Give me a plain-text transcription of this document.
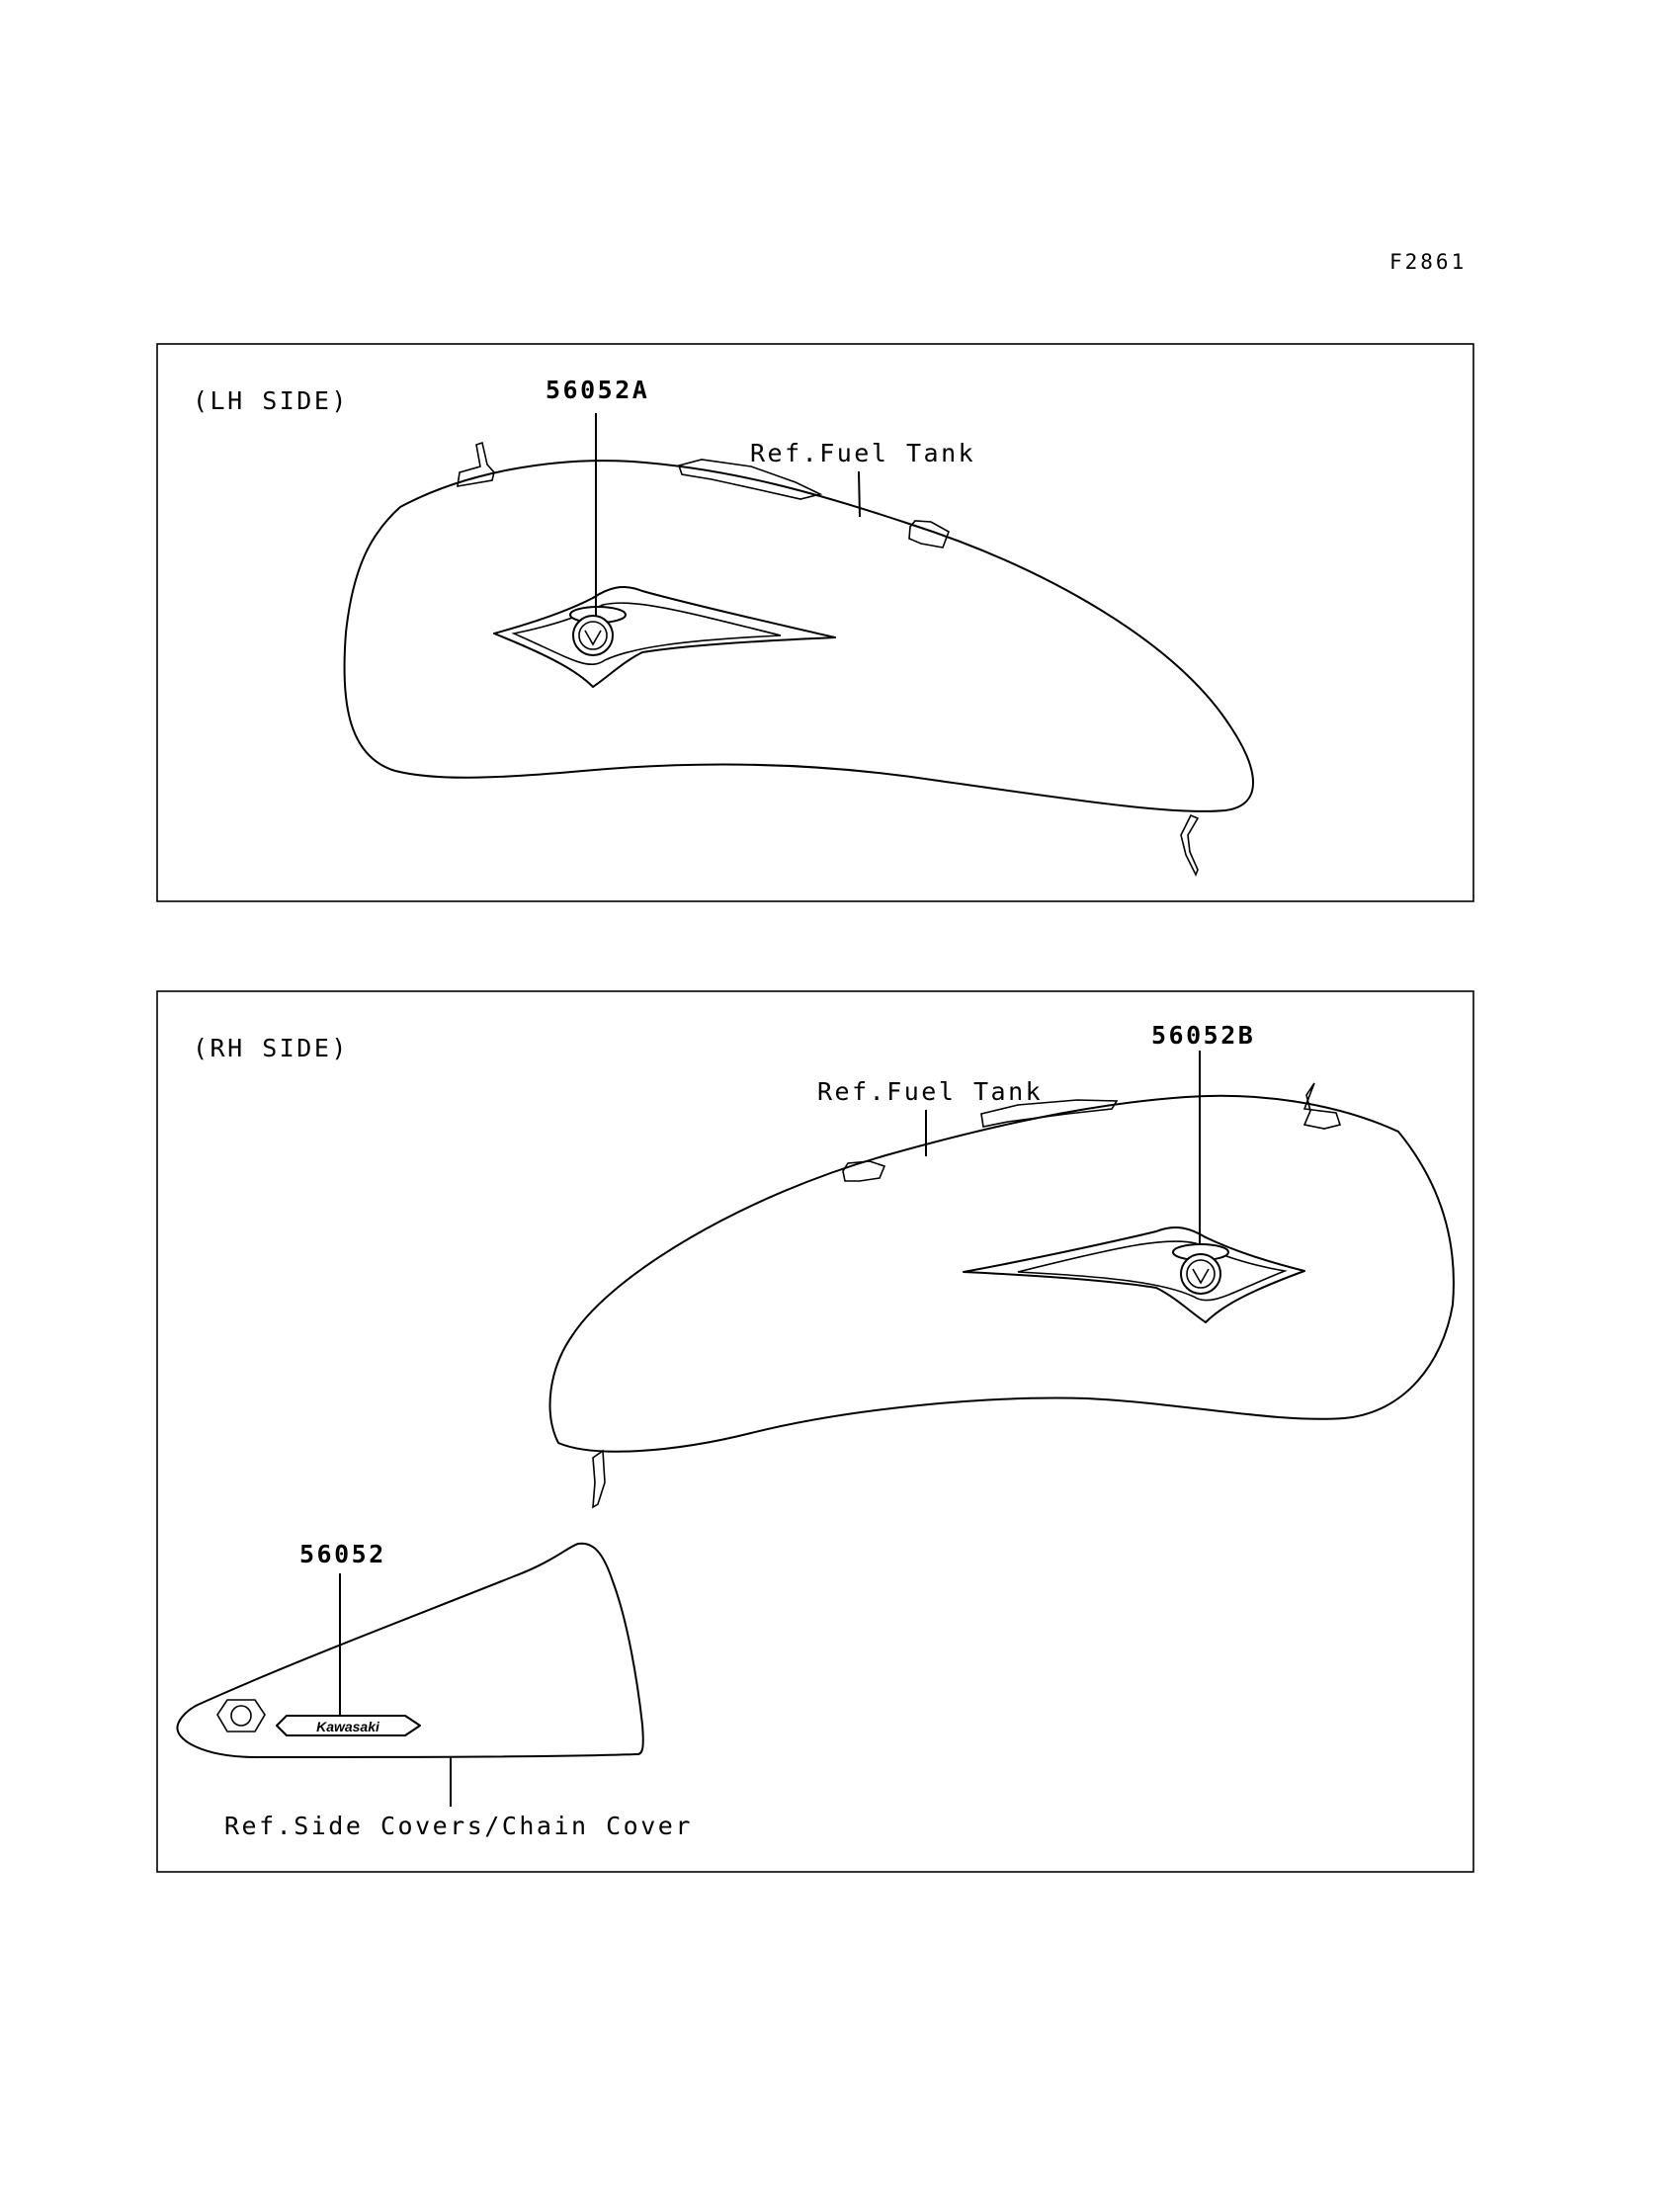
F2861
(LH SIDE)	56052A
Ref.Fuel Tank
(RH SIDE)	56052B
Ref.Fuel Tank
Kawasaki
56052
Ref.Side Covers/Chain Cover
